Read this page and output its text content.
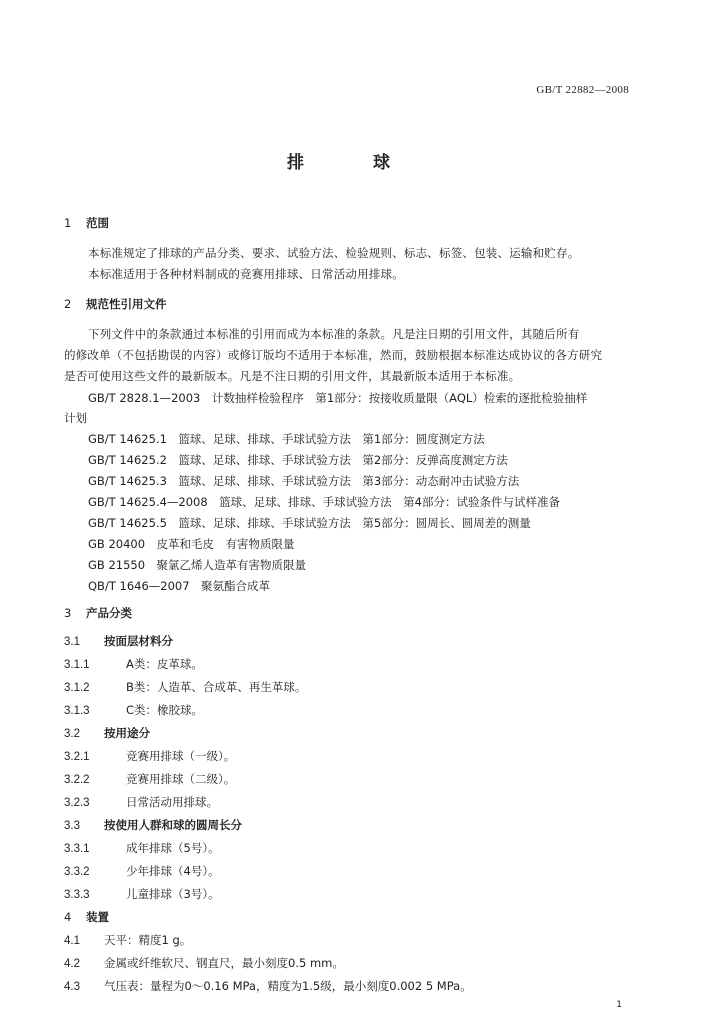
GB/T 22882—2008
排	球
1 范围
本标准规定了排球的产品分类、要求、试验方法、检验规则、标志、标签、包装、运输和贮存。
本标准适用于各种材料制成的竞赛用排球、日常活动用排球。
2 规范性引用文件
下列文件中的条款通过本标准的引用而成为本标准的条款。凡是注日期的引用文件，其随后所有
的修改单（不包括勘误的内容）或修订版均不适用于本标准，然而，鼓励根据本标准达成协议的各方研究
是否可使用这些文件的最新版本。凡是不注日期的引用文件，其最新版本适用于本标准。
GB/T 2828.1—2003　计数抽样检验程序　第1部分：按接收质量限（AQL）检索的逐批检验抽样
计划
GB/T 14625.1　篮球、足球、排球、手球试验方法　第1部分：圆度测定方法
GB/T 14625.2　篮球、足球、排球、手球试验方法　第2部分：反弹高度测定方法
GB/T 14625.3　篮球、足球、排球、手球试验方法　第3部分：动态耐冲击试验方法
GB/T 14625.4—2008　篮球、足球、排球、手球试验方法　第4部分：试验条件与试样准备
GB/T 14625.5　篮球、足球、排球、手球试验方法　第5部分：圆周长、圆周差的测量
GB 20400　皮革和毛皮　有害物质限量
GB 21550　聚氯乙烯人造革有害物质限量
QB/T 1646—2007　聚氨酯合成革
3 产品分类
3.1 按面层材料分
3.1.1	A类：皮革球。
3.1.2	B类：人造革、合成革、再生革球。
3.1.3	C类：橡胶球。
3.2 按用途分
3.2.1	竞赛用排球（一级）。
3.2.2	竞赛用排球（二级）。
3.2.3	日常活动用排球。
3.3 按使用人群和球的圆周长分
3.3.1	成年排球（5号）。
3.3.2	少年排球（4号）。
3.3.3	儿童排球（3号）。
4 装置
4.1 天平：精度1 g。
4.2 金属或纤维软尺、钢直尺，最小刻度0.5 mm。
4.3 气压表：量程为0～0.16 MPa，精度为1.5级，最小刻度0.002 5 MPa。
1
